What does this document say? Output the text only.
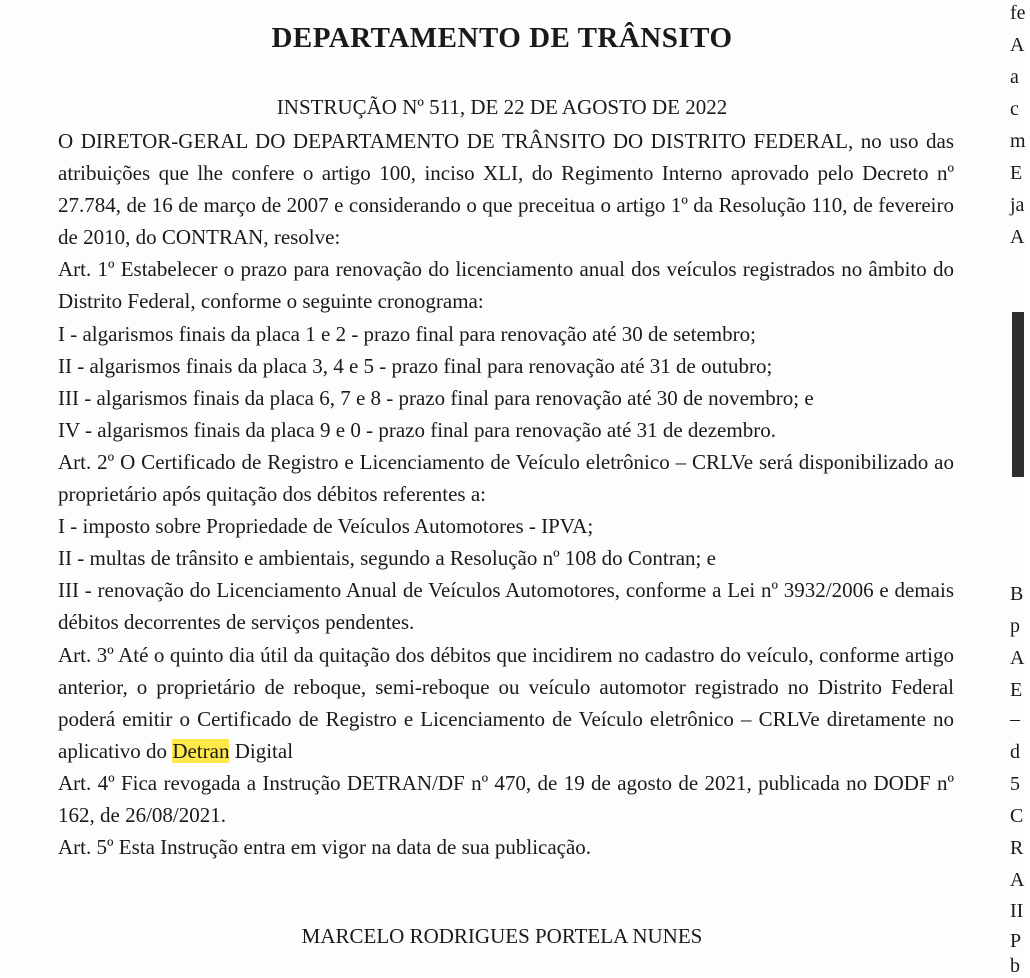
DEPARTAMENTO DE TRÂNSITO
INSTRUÇÃO Nº 511, DE 22 DE AGOSTO DE 2022

O DIRETOR-GERAL DO DEPARTAMENTO DE TRÂNSITO DO DISTRITO FEDERAL, no uso das atribuições que lhe confere o artigo 100, inciso XLI, do Regimento Interno aprovado pelo Decreto nº 27.784, de 16 de março de 2007 e considerando o que preceitua o artigo 1º da Resolução 110, de fevereiro de 2010, do CONTRAN, resolve:

Art. 1º Estabelecer o prazo para renovação do licenciamento anual dos veículos registrados no âmbito do Distrito Federal, conforme o seguinte cronograma:

I - algarismos finais da placa 1 e 2 - prazo final para renovação até 30 de setembro;

II - algarismos finais da placa 3, 4 e 5 - prazo final para renovação até 31 de outubro;

III - algarismos finais da placa 6, 7 e 8 - prazo final para renovação até 30 de novembro; e

IV - algarismos finais da placa 9 e 0 - prazo final para renovação até 31 de dezembro.

Art. 2º O Certificado de Registro e Licenciamento de Veículo eletrônico – CRLVe será disponibilizado ao proprietário após quitação dos débitos referentes a:

I - imposto sobre Propriedade de Veículos Automotores - IPVA;

II - multas de trânsito e ambientais, segundo a Resolução nº 108 do Contran; e

III - renovação do Licenciamento Anual de Veículos Automotores, conforme a Lei nº 3932/2006 e demais débitos decorrentes de serviços pendentes.

Art. 3º Até o quinto dia útil da quitação dos débitos que incidirem no cadastro do veículo, conforme artigo anterior, o proprietário de reboque, semi-reboque ou veículo automotor registrado no Distrito Federal poderá emitir o Certificado de Registro e Licenciamento de Veículo eletrônico – CRLVe diretamente no aplicativo do Detran Digital

Art. 4º Fica revogada a Instrução DETRAN/DF nº 470, de 19 de agosto de 2021, publicada no DODF nº 162, de 26/08/2021.

Art. 5º Esta Instrução entra em vigor na data de sua publicação.

MARCELO RODRIGUES PORTELA NUNES
fe
A
a
c
m
E
ja
A
B
p
A
E
–
d
5
C
R
A
II
P
b
